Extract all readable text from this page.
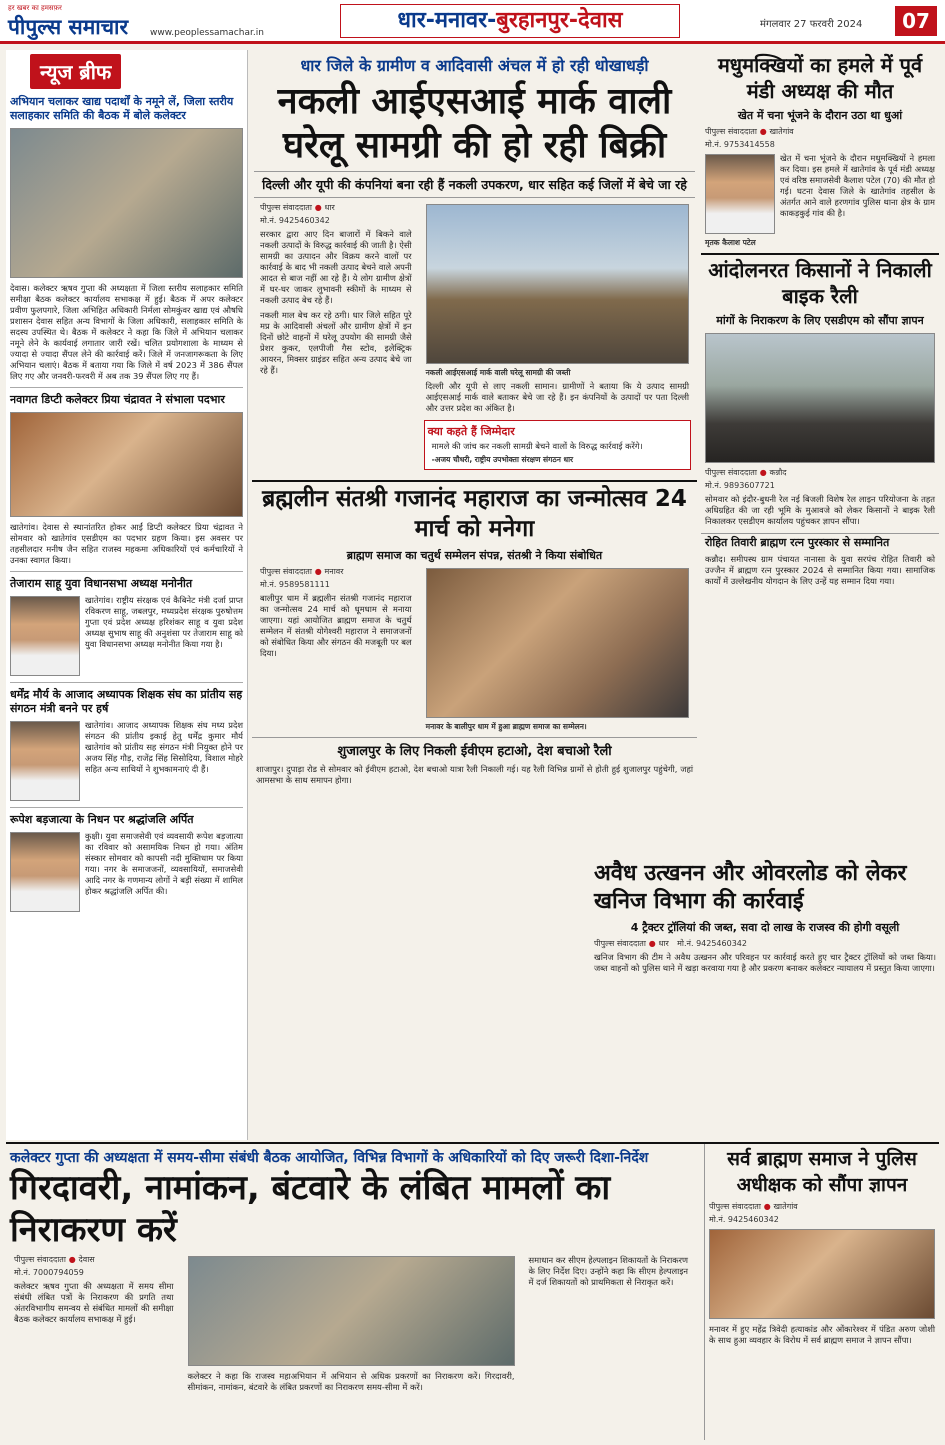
हर खबर का हमसफ़र
पीपुल्स समाचार www.peoplessamachar.in	धार-मनावर-बुरहानपुर-देवास	मंगलवार 27 फरवरी 2024	07
न्यूज ब्रीफ
अभियान चलाकर खाद्य पदार्थों के नमूने लें, जिला स्तरीय सलाहकार समिति की बैठक में बोले कलेक्टर
देवास। कलेक्टर ऋषव गुप्ता की अध्यक्षता में जिला स्तरीय सलाहकार समिति समीक्षा बैठक कलेक्टर कार्यालय सभाकक्ष में हुई। बैठक में अपर कलेक्टर प्रवीण फुलपगारे, जिला अभिहित अधिकारी निर्मला सोमकुंवर खाद्य एवं औषधि प्रशासन देवास सहित अन्य विभागों के जिला अधिकारी, सलाहकार समिति के सदस्य उपस्थित थे। बैठक में कलेक्टर ने कहा कि जिले में अभियान चलाकर नमूने लेने के कार्यवाई लगातार जारी रखें। चलित प्रयोगशाला के माध्यम से ज्यादा से ज्यादा सैंपल लेने की कार्रवाई करें। जिले में जनजागरूकता के लिए अभियान चलाएं। बैठक में बताया गया कि जिले में वर्ष 2023 में 386 सैंपल लिए गए और जनवरी-फरवरी में अब तक 39 सैंपल लिए गए हैं।
नवागत डिप्टी कलेक्टर प्रिया चंद्रावत ने संभाला पदभार
खातेगांव। देवास से स्थानांतरित होकर आईं डिप्टी कलेक्टर प्रिया चंद्रावत ने सोमवार को खातेगांव एसडीएम का पदभार ग्रहण किया। इस अवसर पर तहसीलदार मनीष जैन सहित राजस्व महकमा अधिकारियों एवं कर्मचारियों ने उनका स्वागत किया।
तेजाराम साहू युवा विधानसभा अध्यक्ष मनोनीत
खातेगांव। राष्ट्रीय संरक्षक एवं कैबिनेट मंत्री दर्जा प्राप्त रविकरण साहू, जबलपुर, मध्यप्रदेश संरक्षक पुरुषोत्तम गुप्ता एवं प्रदेश अध्यक्ष हरिशंकर साहू व युवा प्रदेश अध्यक्ष सुभाष साहू की अनुशंसा पर तेजाराम साहू को युवा विधानसभा अध्यक्ष मनोनीत किया गया है।
धर्मेंद्र मौर्य के आजाद अध्यापक शिक्षक संघ का प्रांतीय सह संगठन मंत्री बनने पर हर्ष
खातेगांव। आजाद अध्यापक शिक्षक संघ मध्य प्रदेश संगठन की प्रांतीय इकाई हेतु धर्मेंद्र कुमार मौर्य खातेगांव को प्रांतीय सह संगठन मंत्री नियुक्त होने पर अजय सिंह गौड़, राजेंद्र सिंह सिसोदिया, विशाल मोहरे सहित अन्य साथियों ने शुभकामनाएं दी हैं।
रूपेश बड़जात्या के निधन पर श्रद्धांजलि अर्पित
कुक्षी। युवा समाजसेवी एवं व्यवसायी रूपेश बड़जात्या का रविवार को असामयिक निधन हो गया। अंतिम संस्कार सोमवार को कापसी नदी मुक्तिधाम पर किया गया। नगर के समाजजनों, व्यवसायियों, समाजसेवी आदि नगर के गणमान्य लोगों ने बड़ी संख्या में शामिल होकर श्रद्धांजलि अर्पित की।
धार जिले के ग्रामीण व आदिवासी अंचल में हो रही धोखाधड़ी
नकली आईएसआई मार्क वाली घरेलू सामग्री की हो रही बिक्री
दिल्ली और यूपी की कंपनियां बना रही हैं नकली उपकरण, धार सहित कई जिलों में बेचे जा रहे
पीपुल्स संवाददाता ● धार
मो.नं. 9425460342
सरकार द्वारा आए दिन बाजारों में बिकने वाले नकली उत्पादों के विरुद्ध कार्रवाई की जाती है। ऐसी सामग्री का उत्पादन और विक्रय करने वालों पर कार्रवाई के बाद भी नकली उत्पाद बेचने वाले अपनी आदत से बाज नहीं आ रहे हैं। ये लोग ग्रामीण क्षेत्रों में घर-घर जाकर लुभावनी स्कीमों के माध्यम से नकली उत्पाद बेच रहे हैं।
नकली माल बेच कर रहे ठगी। धार जिले सहित पूरे मप्र के आदिवासी अंचलों और ग्रामीण क्षेत्रों में इन दिनों छोटे वाहनों में घरेलू उपयोग की सामग्री जैसे प्रेशर कुकर, एलपीजी गैस स्टोव, इलेक्ट्रिक आयरन, मिक्सर ग्राइंडर सहित अन्य उत्पाद बेचे जा रहे हैं।	नकली आईएसआई मार्क वाली घरेलू सामग्री की जब्ती
दिल्ली और यूपी से लाए नकली सामान। ग्रामीणों ने बताया कि ये उत्पाद सामग्री आईएसआई मार्क वाले बताकर बेचे जा रहे हैं। इन कंपनियों के उत्पादों पर पता दिल्ली और उत्तर प्रदेश का अंकित है।
क्या कहते हैं जिम्मेदार
मामले की जांच कर नकली सामग्री बेचने वालों के विरुद्ध कार्रवाई करेंगे।
-अजय चौधरी, राष्ट्रीय उपभोक्ता संरक्षण संगठन धार
ब्रह्मलीन संतश्री गजानंद महाराज का जन्मोत्सव 24 मार्च को मनेगा
ब्राह्मण समाज का चतुर्थ सम्मेलन संपन्न, संतश्री ने किया संबोधित
पीपुल्स संवाददाता ● मनावर
मो.नं. 9589581111
बालीपुर धाम में ब्रह्मलीन संतश्री गजानंद महाराज का जन्मोत्सव 24 मार्च को धूमधाम से मनाया जाएगा। यहां आयोजित ब्राह्मण समाज के चतुर्थ सम्मेलन में संतश्री योगेश्वरी महाराज ने समाजजनों को संबोधित किया और संगठन की मजबूती पर बल दिया।
मनावर के बालीपुर धाम में हुआ ब्राह्मण समाज का सम्मेलन।
शुजालपुर के लिए निकली ईवीएम हटाओ, देश बचाओ रैली
शाजापुर। दुपाड़ा रोड से सोमवार को ईवीएम हटाओ, देश बचाओ यात्रा रैली निकाली गई। यह रैली विभिन्न ग्रामों से होती हुई शुजालपुर पहुंचेगी, जहां आमसभा के साथ समापन होगा।
मधुमक्खियों का हमले में पूर्व मंडी अध्यक्ष की मौत
खेत में चना भूंजने के दौरान उठा था धुआं
पीपुल्स संवाददाता ● खातेगांव
मो.नं. 9753414558
खेत में चना भूंजने के दौरान मधुमक्खियों ने हमला कर दिया। इस हमले में खातेगांव के पूर्व मंडी अध्यक्ष एवं वरिष्ठ समाजसेवी कैलाश पटेल (70) की मौत हो गई। घटना देवास जिले के खातेगांव तहसील के अंतर्गत आने वाले हरणगांव पुलिस थाना क्षेत्र के ग्राम काकड़कुई गांव की है।
मृतक कैलाश पटेल
आंदोलनरत किसानों ने निकाली बाइक रैली
मांगों के निराकरण के लिए एसडीएम को सौंपा ज्ञापन
पीपुल्स संवाददाता ● कन्नौद
मो.नं. 9893607721
सोमवार को इंदौर-बुधनी रेल नई बिजली विशेष रेल लाइन परियोजना के तहत अधिग्रहित की जा रही भूमि के मुआवजे को लेकर किसानों ने बाइक रैली निकालकर एसडीएम कार्यालय पहुंचकर ज्ञापन सौंपा।
रोहित तिवारी ब्राह्मण रत्न पुरस्कार से सम्मानित
कन्नौद। समीपस्थ ग्राम पंचायत नानासा के युवा सरपंच रोहित तिवारी को उज्जैन में ब्राह्मण रत्न पुरस्कार 2024 से सम्मानित किया गया। सामाजिक कार्यों में उल्लेखनीय योगदान के लिए उन्हें यह सम्मान दिया गया।
अवैध उत्खनन और ओवरलोड को लेकर खनिज विभाग की कार्रवाई
4 ट्रैक्टर ट्रॉलियां की जब्त, सवा दो लाख के राजस्व की होगी वसूली
पीपुल्स संवाददाता ● धार मो.नं. 9425460342
खनिज विभाग की टीम ने अवैध उत्खनन और परिवहन पर कार्रवाई करते हुए चार ट्रैक्टर ट्रॉलियों को जब्त किया। जब्त वाहनों को पुलिस थाने में खड़ा करवाया गया है और प्रकरण बनाकर कलेक्टर न्यायालय में प्रस्तुत किया जाएगा।
कलेक्टर गुप्ता की अध्यक्षता में समय-सीमा संबंधी बैठक आयोजित, विभिन्न विभागों के अधिकारियों को दिए जरूरी दिशा-निर्देश
गिरदावरी, नामांकन, बंटवारे के लंबित मामलों का निराकरण करें
पीपुल्स संवाददाता ● देवास
मो.नं. 7000794059
कलेक्टर ऋषव गुप्ता की अध्यक्षता में समय सीमा संबंधी लंबित पत्रों के निराकरण की प्रगति तथा अंतरविभागीय समन्वय से संबंधित मामलों की समीक्षा बैठक कलेक्टर कार्यालय सभाकक्ष में हुई।
कलेक्टर ने कहा कि राजस्व महाअभियान में अभियान से अधिक प्रकरणों का निराकरण करें। गिरदावरी, सीमांकन, नामांकन, बंटवारे के लंबित प्रकरणों का निराकरण समय-सीमा में करें।
समाधान कर सीएम हेल्पलाइन शिकायतों के निराकरण के लिए निर्देश दिए। उन्होंने कहा कि सीएम हेल्पलाइन में दर्ज शिकायतों को प्राथमिकता से निराकृत करें।
सर्व ब्राह्मण समाज ने पुलिस अधीक्षक को सौंपा ज्ञापन
पीपुल्स संवाददाता ● खातेगांव
मो.नं. 9425460342
मनावर में हुए महेंद्र त्रिवेदी हत्याकांड और ओंकारेश्वर में पंडित अरुण जोशी के साथ हुआ व्यवहार के विरोध में सर्व ब्राह्मण समाज ने ज्ञापन सौंपा।
